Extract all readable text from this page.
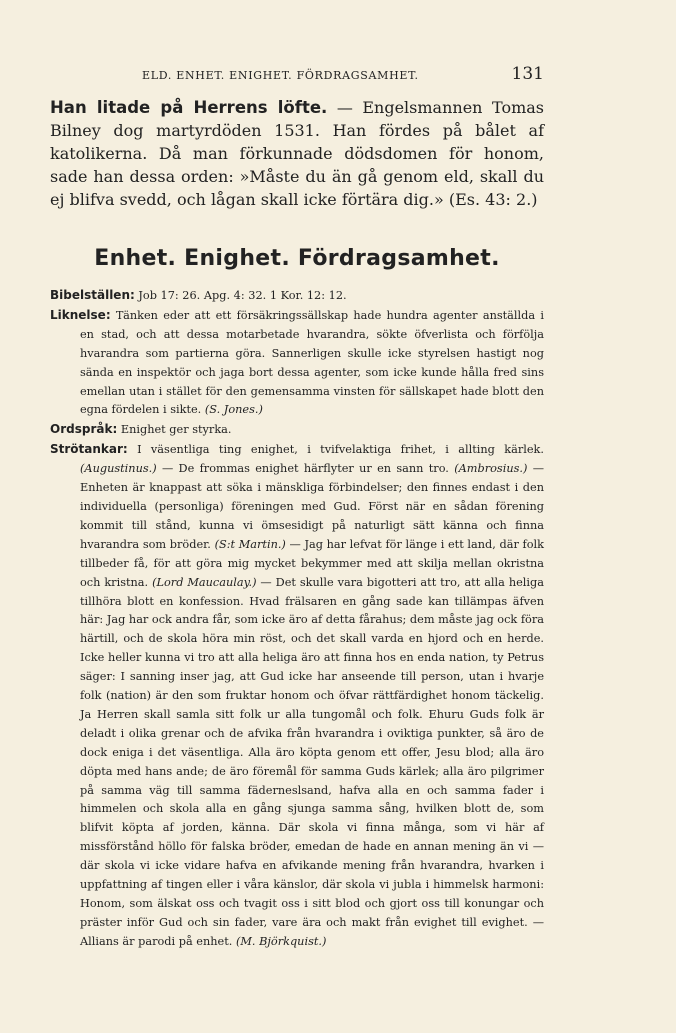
ELD. ENHET. ENIGHET. FÖRDRAGSAMHET.	131
Han litade på Herrens löfte. — Engelsmannen Tomas Bilney dog martyrdöden 1531. Han fördes på bålet af katolikerna. Då man förkunnade dödsdomen för honom, sade han dessa orden: »Måste du än gå genom eld, skall du ej blifva svedd, och lågan skall icke förtära dig.» (Es. 43: 2.)
Enhet. Enighet. Fördragsamhet.

Bibelställen: Job 17: 26. Apg. 4: 32. 1 Kor. 12: 12.

Liknelse: Tänken eder att ett försäkringssällskap hade hundra agenter anställda i en stad, och att dessa motarbetade hvarandra, sökte öfverlista och förfölja hvarandra som partierna göra. Sannerligen skulle icke styrelsen hastigt nog sända en inspektör och jaga bort dessa agenter, som icke kunde hålla fred sins emellan utan i stället för den gemensamma vinsten för sällskapet hade blott den egna fördelen i sikte. (S. Jones.)

Ordspråk: Enighet ger styrka.

Strötankar: I väsentliga ting enighet, i tvifvelaktiga frihet, i allting kärlek. (Augustinus.) — De frommas enighet härflyter ur en sann tro. (Ambrosius.) — Enheten är knappast att söka i mänskliga förbindelser; den finnes endast i den individuella (personliga) föreningen med Gud. Först när en sådan förening kommit till stånd, kunna vi ömsesidigt på naturligt sätt känna och finna hvarandra som bröder. (S:t Martin.) — Jag har lefvat för länge i ett land, där folk tillbeder få, för att göra mig mycket bekymmer med att skilja mellan okristna och kristna. (Lord Maucaulay.) — Det skulle vara bigotteri att tro, att alla heliga tillhöra blott en konfession. Hvad frälsaren en gång sade kan tillämpas äfven här: Jag har ock andra får, som icke äro af detta fårahus; dem måste jag ock föra härtill, och de skola höra min röst, och det skall varda en hjord och en herde. Icke heller kunna vi tro att alla heliga äro att finna hos en enda nation, ty Petrus säger: I sanning inser jag, att Gud icke har anseende till person, utan i hvarje folk (nation) är den som fruktar honom och öfvar rättfärdighet honom täckelig. Ja Herren skall samla sitt folk ur alla tungomål och folk. Ehuru Guds folk är deladt i olika grenar och de afvika från hvarandra i oviktiga punkter, så äro de dock eniga i det väsentliga. Alla äro köpta genom ett offer, Jesu blod; alla äro döpta med hans ande; de äro föremål för samma Guds kärlek; alla äro pilgrimer på samma väg till samma fäderneslsand, hafva alla en och samma fader i himmelen och skola alla en gång sjunga samma sång, hvilken blott de, som blifvit köpta af jorden, känna. Där skola vi finna många, som vi här af missförstånd höllo för falska bröder, emedan de hade en annan mening än vi — där skola vi icke vidare hafva en afvikande mening från hvarandra, hvarken i uppfattning af tingen eller i våra känslor, där skola vi jubla i himmelsk harmoni: Honom, som älskat oss och tvagit oss i sitt blod och gjort oss till konungar och präster inför Gud och sin fader, vare ära och makt från evighet till evighet. — Allians är parodi på enhet. (M. Björkquist.)
